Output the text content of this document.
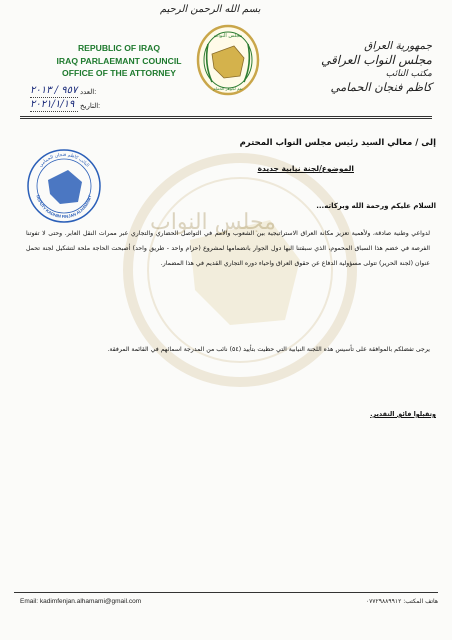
مجلس النواب
بسم الله الرحمن الرحيم
REPUBLIC OF IRAQ
IRAQ PARLAEMANT COUNCIL
OFFICE OF THE ATTORNEY
مجلس النواب
نعم لجوهر الحمام
جمهورية العراق
مجلس النواب العراقي
مكتب النائب
كاظم فنجان الحمامي
٩٥٧ / ٢٠١٣ العدد:
٢٠٢١/١/١٩ التاريخ:
إلى / معالي السيد رئيس مجلس النواب المحترم
النائب كاظم فنجان الحمامي
DEPUTY KADHIM FINJAN ALHAMAMY
الموضوع/لجنة نيابية جديدة
السلام عليكم ورحمة الله وبركاته...
لدواعي وطنية صادقة، ولأهمية تعزيز مكانة العراق الاستراتيجية بين الشعوب والأمم في التواصل الحضاري والتجاري عبر ممرات النقل العابر. وحتى لا تفوتنا الفرصة في خضم هذا السباق المحموم، الذي سبقتنا اليها دول الجوار بانضمامها لمشروع (حزام واحد - طريق واحد) أصبحت الحاجة ملحة لتشكيل لجنة تحمل عنوان (لجنة الحرير) تتولى مسؤولية الدفاع عن حقوق العراق واحياء دوره التجاري القديم في هذا المضمار.
يرجى تفضلكم بالموافقة على تأسيس هذه اللجنة النيابية التي حظيت بتأييد (٥٤) نائب من المدرجة اسمائهم في القائمة المرفقة.
وتقبلوا فائق التقدير.
Email: kadimfenjan.alhamami@gmail.com	هاتف المكتب: ٠٧٧٢٩٨٨٩٩١٢
